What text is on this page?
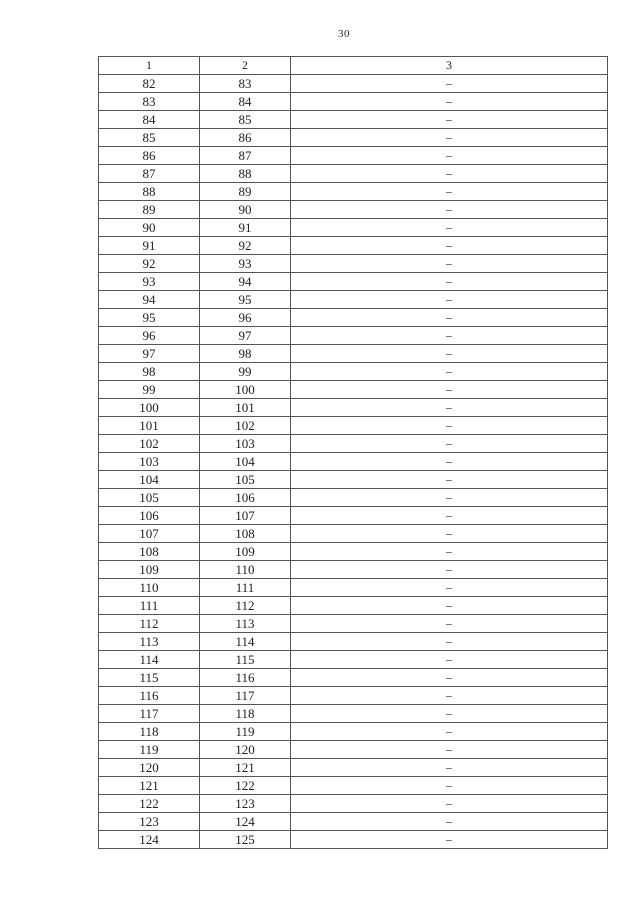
30
1	2	3
82	83	–
83	84	–
84	85	–
85	86	–
86	87	–
87	88	–
88	89	–
89	90	–
90	91	–
91	92	–
92	93	–
93	94	–
94	95	–
95	96	–
96	97	–
97	98	–
98	99	–
99	100	–
100	101	–
101	102	–
102	103	–
103	104	–
104	105	–
105	106	–
106	107	–
107	108	–
108	109	–
109	110	–
110	111	–
111	112	–
112	113	–
113	114	–
114	115	–
115	116	–
116	117	–
117	118	–
118	119	–
119	120	–
120	121	–
121	122	–
122	123	–
123	124	–
124	125	–
